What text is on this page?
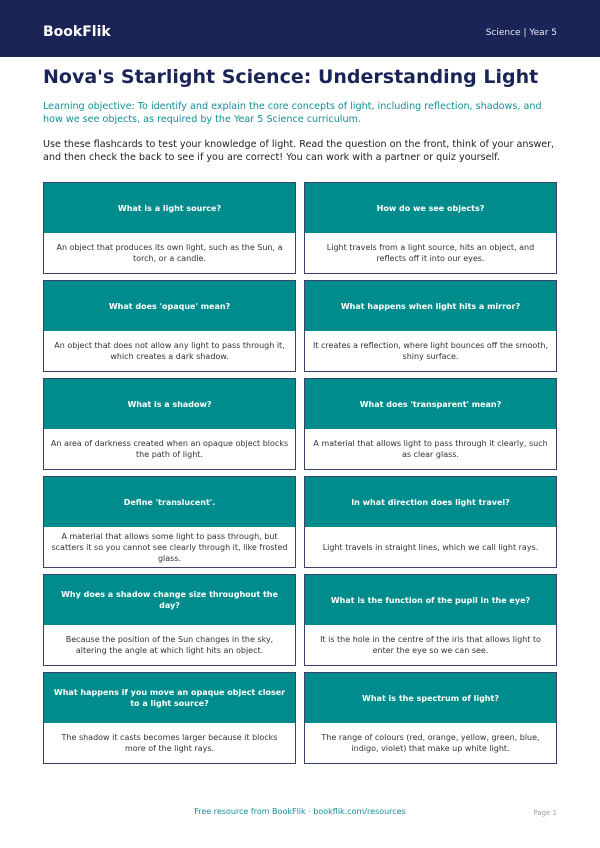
BookFlik	Science | Year 5
Nova's Starlight Science: Understanding Light

Learning objective: To identify and explain the core concepts of light, including reflection, shadows, and how we see objects, as required by the Year 5 Science curriculum.

Use these flashcards to test your knowledge of light. Read the question on the front, think of your answer, and then check the back to see if you are correct! You can work with a partner or quiz yourself.

What is a light source?
An object that produces its own light, such as the Sun, a torch, or a candle.
How do we see objects?
Light travels from a light source, hits an object, and reflects off it into our eyes.
What does 'opaque' mean?
An object that does not allow any light to pass through it, which creates a dark shadow.
What happens when light hits a mirror?
It creates a reflection, where light bounces off the smooth, shiny surface.
What is a shadow?
An area of darkness created when an opaque object blocks the path of light.
What does 'transparent' mean?
A material that allows light to pass through it clearly, such as clear glass.
Define 'translucent'.
A material that allows some light to pass through, but scatters it so you cannot see clearly through it, like frosted glass.
In what direction does light travel?
Light travels in straight lines, which we call light rays.
Why does a shadow change size throughout the day?
Because the position of the Sun changes in the sky, altering the angle at which light hits an object.
What is the function of the pupil in the eye?
It is the hole in the centre of the iris that allows light to enter the eye so we can see.
What happens if you move an opaque object closer to a light source?
The shadow it casts becomes larger because it blocks more of the light rays.
What is the spectrum of light?
The range of colours (red, orange, yellow, green, blue, indigo, violet) that make up white light.
Free resource from BookFlik · bookflik.com/resources	Page 1
